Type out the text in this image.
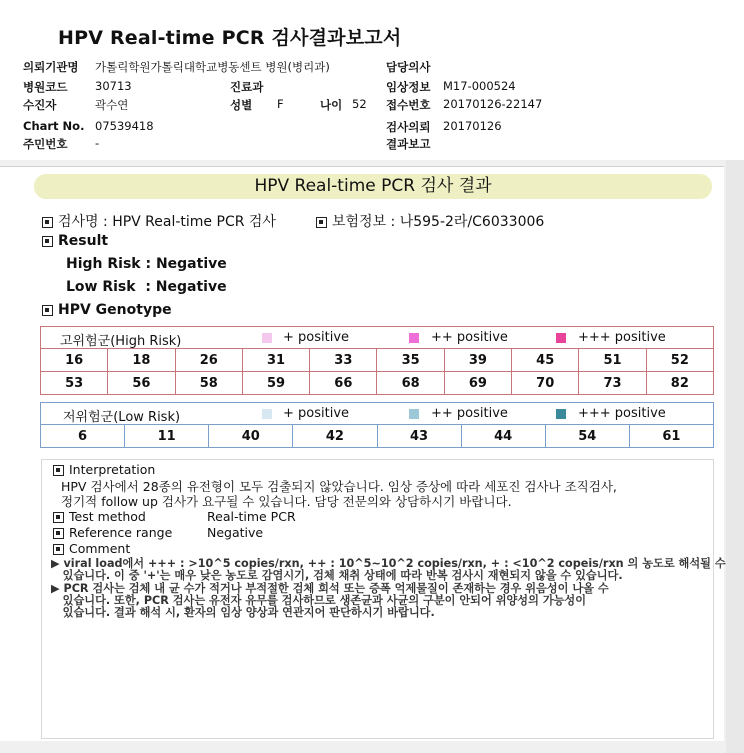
HPV Real-time PCR 검사결과보고서
의뢰기관명 가톨릭학원가톨릭대학교병동센트 병원(병리과)
병원코드 30713
수진자	곽수연
Chart No. 07539418
주민번호 -
진료과
성별 F	나이 52
담당의사
임상정보 M17-000524
접수번호 20170126-22147
검사의뢰 20170126
결과보고
HPV Real-time PCR 검사 결과
검사명 : HPV Real-time PCR 검사	보험정보 : 나595-2라/C6033006
Result
High Risk : Negative
Low Risk  : Negative
HPV Genotype
고위험군(High Risk)	+ positive	++ positive	+++ positive
16	18	26	31	33	35	39	45	51	52
53	56	58	59	66	68	69	70	73	82
저위험군(Low Risk)	+ positive	++ positive	+++ positive
6	11	40	42	43	44	54	61
Interpretation
HPV 검사에서 28종의 유전형이 모두 검출되지 않았습니다. 임상 증상에 따라 세포진 검사나 조직검사,
정기적 follow up 검사가 요구될 수 있습니다. 담당 전문의와 상담하시기 바랍니다.
Test method	Real-time PCR
Reference range	Negative
Comment
▶ viral load에서 +++ : >10^5 copies/rxn, ++ : 10^5~10^2 copies/rxn, + : <10^2 copeis/rxn 의 농도로 해석될 수
있습니다. 이 중 '+'는 매우 낮은 농도로 감염시기, 검체 채취 상태에 따라 반복 검사시 재현되지 않을 수 있습니다.
▶ PCR 검사는 검체 내 균 수가 적거나 부적절한 검체 희석 또는 증폭 억제물질이 존재하는 경우 위음성이 나올 수
있습니다. 또한, PCR 검사는 유전자 유무를 검사하므로 생존균과 사균의 구분이 안되어 위양성의 가능성이
있습니다. 결과 해석 시, 환자의 임상 양상과 연관지어 판단하시기 바랍니다.
